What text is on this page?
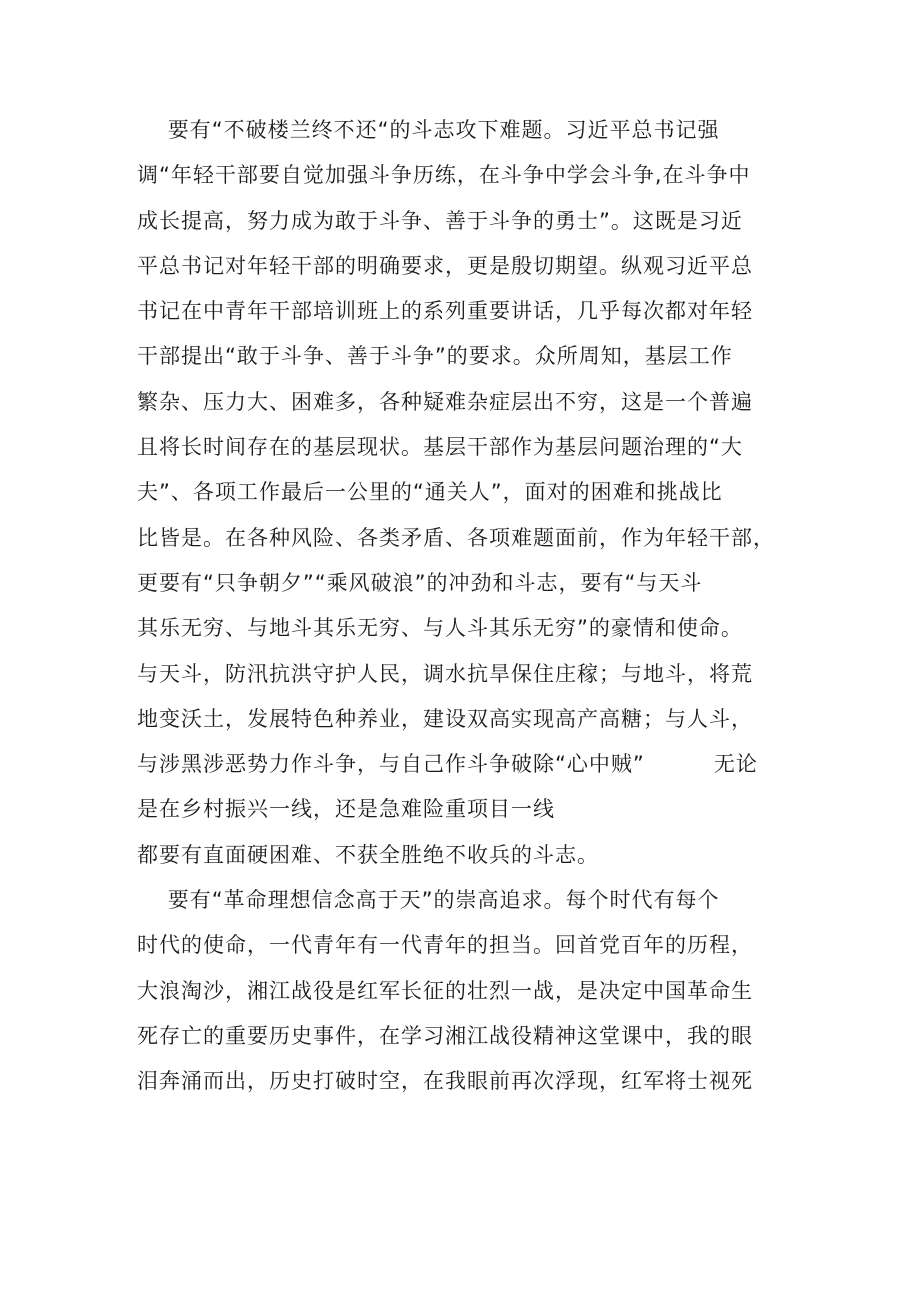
要有“不破楼兰终不还“的斗志攻下难题。习近平总书记强
调“年轻干部要自觉加强斗争历练，在斗争中学会斗争,在斗争中
成长提高，努力成为敢于斗争、善于斗争的勇士”。这既是习近
平总书记对年轻干部的明确要求，更是殷切期望。纵观习近平总
书记在中青年干部培训班上的系列重要讲话，几乎每次都对年轻
干部提出“敢于斗争、善于斗争”的要求。众所周知，基层工作
繁杂、压力大、困难多，各种疑难杂症层出不穷，这是一个普遍
且将长时间存在的基层现状。基层干部作为基层问题治理的“大
夫”、各项工作最后一公里的“通关人”，面对的困难和挑战比
比皆是。在各种风险、各类矛盾、各项难题面前，作为年轻干部，
更要有“只争朝夕”“乘风破浪”的冲劲和斗志，要有“与天斗
其乐无穷、与地斗其乐无穷、与人斗其乐无穷”的豪情和使命。
与天斗，防汛抗洪守护人民，调水抗旱保住庄稼；与地斗，将荒
地变沃土，发展特色种养业，建设双高实现高产高糖；与人斗，
与涉黑涉恶势力作斗争，与自己作斗争破除“心中贼”         无论
是在乡村振兴一线，还是急难险重项目一线
都要有直面硬困难、不获全胜绝不收兵的斗志。
要有“革命理想信念高于天”的崇高追求。每个时代有每个
时代的使命，一代青年有一代青年的担当。回首党百年的历程，
大浪淘沙，湘江战役是红军长征的壮烈一战，是决定中国革命生
死存亡的重要历史事件，在学习湘江战役精神这堂课中，我的眼
泪奔涌而出，历史打破时空，在我眼前再次浮现，红军将士视死
